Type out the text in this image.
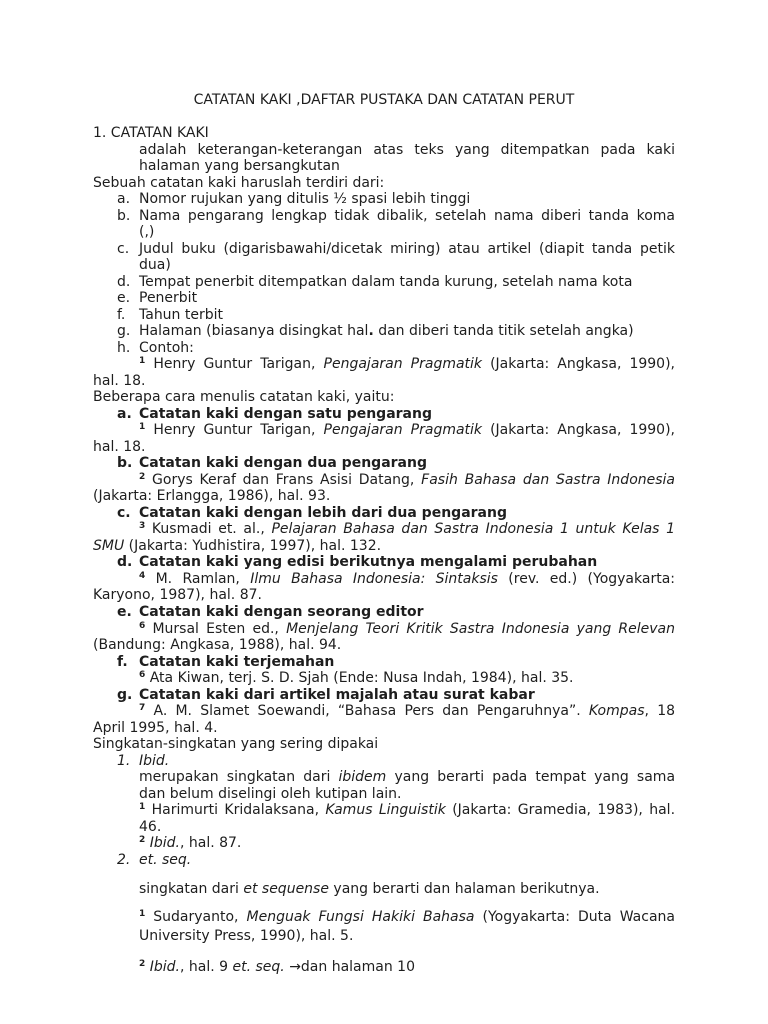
CATATAN KAKI ,DAFTAR PUSTAKA DAN CATATAN PERUT
1. CATATAN KAKI
adalah keterangan-keterangan atas teks yang ditempatkan pada kaki
halaman yang bersangkutan
Sebuah catatan kaki haruslah terdiri dari:
a. Nomor rujukan yang ditulis ½ spasi lebih tinggi
b. Nama pengarang lengkap tidak dibalik, setelah nama diberi tanda koma
(,)
c. Judul buku (digarisbawahi/dicetak miring) atau artikel (diapit tanda petik
dua)
d. Tempat penerbit ditempatkan dalam tanda kurung, setelah nama kota
e. Penerbit
f. Tahun terbit
g. Halaman (biasanya disingkat hal. dan diberi tanda titik setelah angka)
h. Contoh:
$^1$ Henry Guntur Tarigan, Pengajaran Pragmatik (Jakarta: Angkasa, 1990),
hal. 18.
Beberapa cara menulis catatan kaki, yaitu:
a. Catatan kaki dengan satu pengarang
$^1$ Henry Guntur Tarigan, Pengajaran Pragmatik (Jakarta: Angkasa, 1990),
hal. 18.
b. Catatan kaki dengan dua pengarang
$^2$ Gorys Keraf dan Frans Asisi Datang, Fasih Bahasa dan Sastra Indonesia
(Jakarta: Erlangga, 1986), hal. 93.
c. Catatan kaki dengan lebih dari dua pengarang
$^3$ Kusmadi et. al., Pelajaran Bahasa dan Sastra Indonesia 1 untuk Kelas 1
SMU (Jakarta: Yudhistira, 1997), hal. 132.
d. Catatan kaki yang edisi berikutnya mengalami perubahan
$^4$ M. Ramlan, Ilmu Bahasa Indonesia: Sintaksis (rev. ed.) (Yogyakarta:
Karyono, 1987), hal. 87.
e. Catatan kaki dengan seorang editor
$^6$ Mursal Esten ed., Menjelang Teori Kritik Sastra Indonesia yang Relevan
(Bandung: Angkasa, 1988), hal. 94.
f. Catatan kaki terjemahan
$^6$ Ata Kiwan, terj. S. D. Sjah (Ende: Nusa Indah, 1984), hal. 35.
g. Catatan kaki dari artikel majalah atau surat kabar
$^7$ A. M. Slamet Soewandi, “Bahasa Pers dan Pengaruhnya”. Kompas, 18
April 1995, hal. 4.
Singkatan-singkatan yang sering dipakai
1. Ibid.
merupakan singkatan dari ibidem yang berarti pada tempat yang sama
dan belum diselingi oleh kutipan lain.
$^1$ Harimurti Kridalaksana, Kamus Linguistik (Jakarta: Gramedia, 1983), hal.
46.
$^2$ Ibid., hal. 87.
2. et. seq.
singkatan dari et sequense yang berarti dan halaman berikutnya.
$^1$ Sudaryanto, Menguak Fungsi Hakiki Bahasa (Yogyakarta: Duta Wacana
University Press, 1990), hal. 5.
$^2$ Ibid., hal. 9 et. seq. →dan halaman 10
